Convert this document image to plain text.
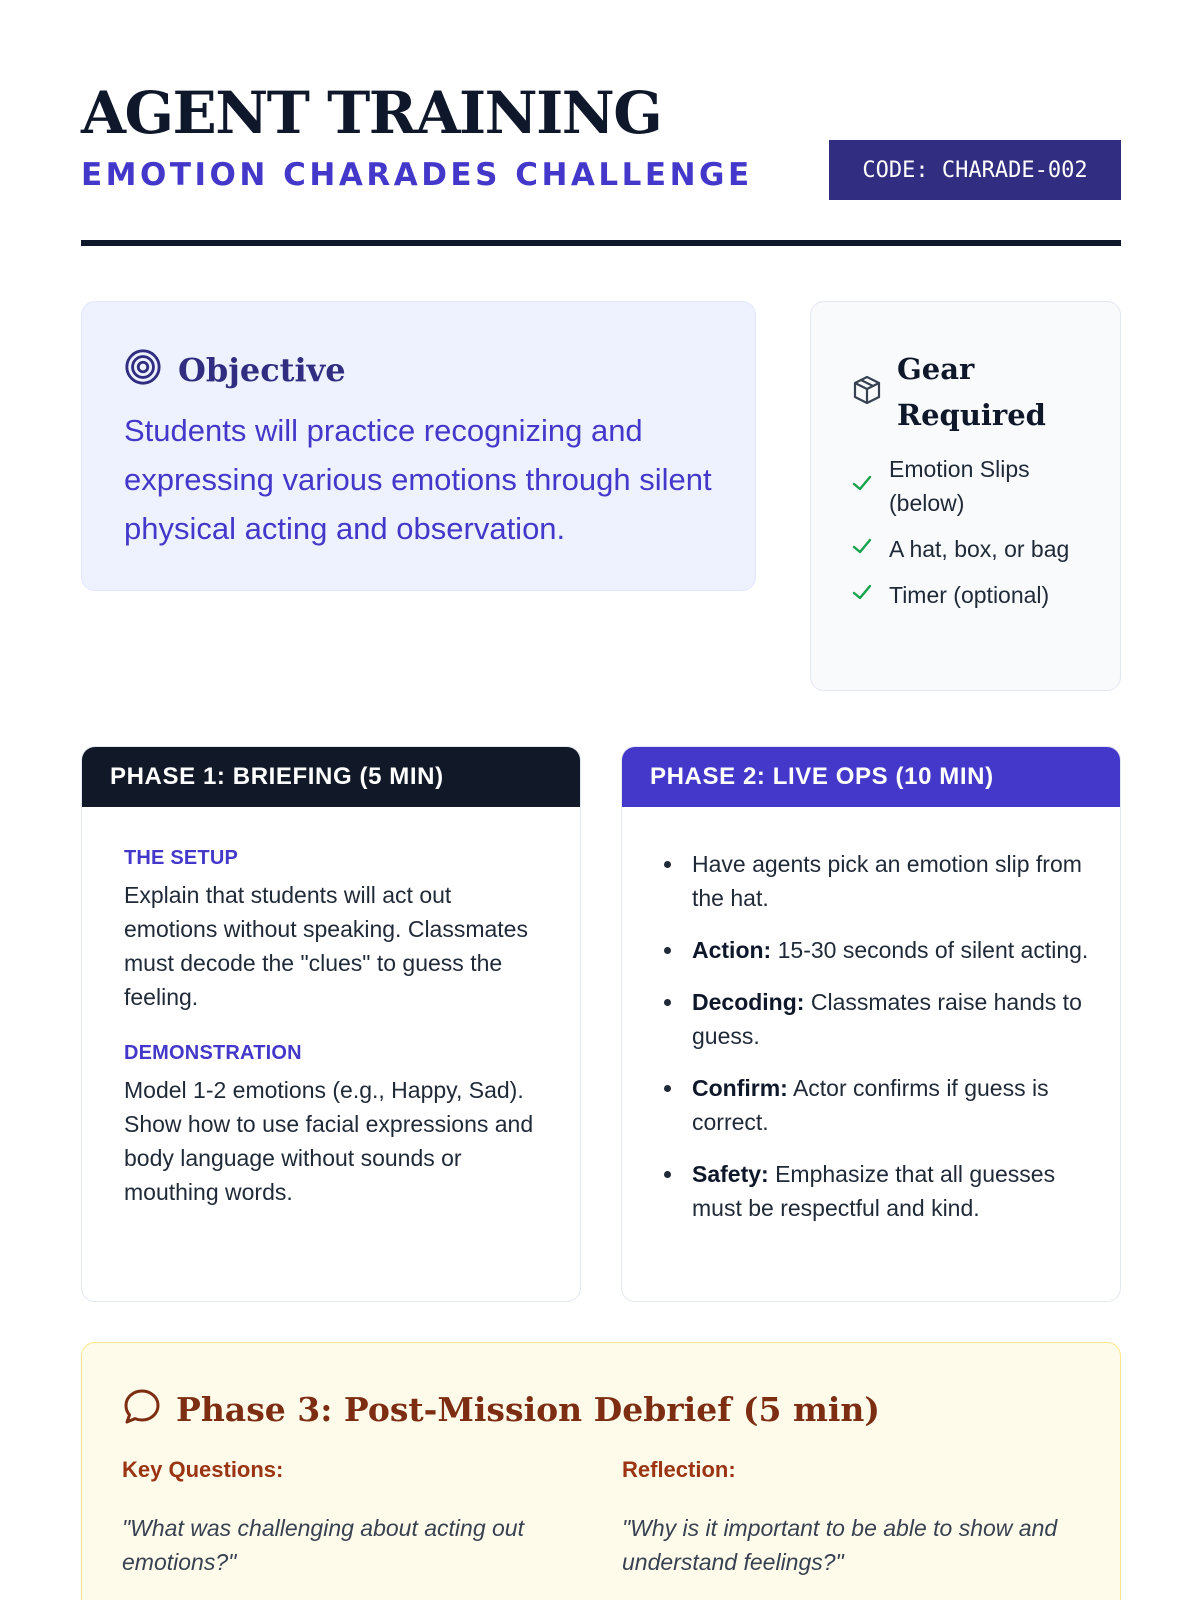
AGENT TRAINING
EMOTION CHARADES CHALLENGE	CODE: CHARADE-002
Objective

Students will practice recognizing and expressing various emotions through silent physical acting and observation.

Gear Required
Emotion Slips (below)
A hat, box, or bag
Timer (optional)
PHASE 1: BRIEFING (5 MIN)
THE SETUP

Explain that students will act out emotions without speaking. Classmates must decode the "clues" to guess the feeling.

DEMONSTRATION

Model 1-2 emotions (e.g., Happy, Sad). Show how to use facial expressions and body language without sounds or mouthing words.

PHASE 2: LIVE OPS (10 MIN)
Have agents pick an emotion slip from the hat.
Action: 15-30 seconds of silent acting.
Decoding: Classmates raise hands to guess.
Confirm: Actor confirms if guess is correct.
Safety: Emphasize that all guesses must be respectful and kind.
Phase 3: Post-Mission Debrief (5 min)
Key Questions:

"What was challenging about acting out emotions?"

Reflection:

"Why is it important to be able to show and understand feelings?"
